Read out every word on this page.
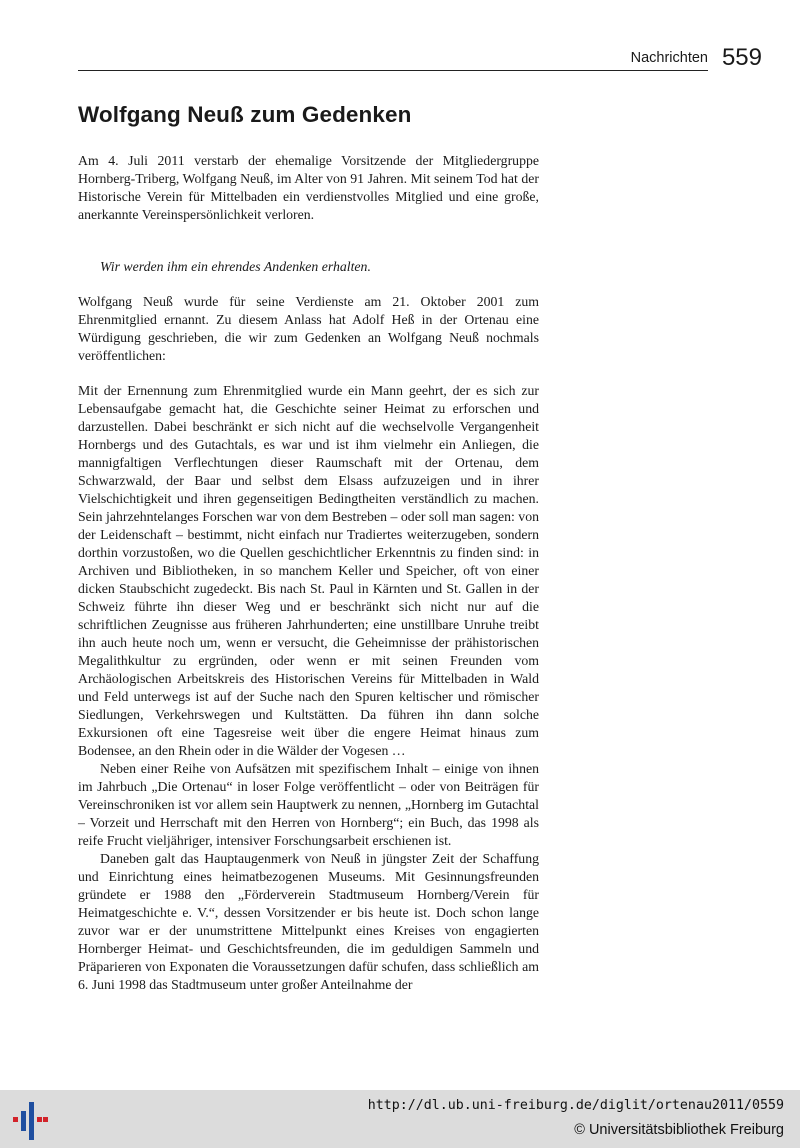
Nachrichten 559
Wolfgang Neuß zum Gedenken

Am 4. Juli 2011 verstarb der ehemalige Vorsitzende der Mitgliedergruppe Hornberg-Triberg, Wolfgang Neuß, im Alter von 91 Jahren. Mit seinem Tod hat der Historische Verein für Mittelbaden ein verdienstvolles Mitglied und eine große, anerkannte Vereinspersönlichkeit verloren.

Wir werden ihm ein ehrendes Andenken erhalten.

Wolfgang Neuß wurde für seine Verdienste am 21. Oktober 2001 zum Ehrenmitglied ernannt. Zu diesem Anlass hat Adolf Heß in der Ortenau eine Würdigung geschrieben, die wir zum Gedenken an Wolfgang Neuß nochmals veröffentlichen:

Mit der Ernennung zum Ehrenmitglied wurde ein Mann geehrt, der es sich zur Lebensaufgabe gemacht hat, die Geschichte seiner Heimat zu erforschen und darzustellen. Dabei beschränkt er sich nicht auf die wechselvolle Vergangenheit Hornbergs und des Gutachtals, es war und ist ihm vielmehr ein Anliegen, die mannigfaltigen Verflechtungen dieser Raumschaft mit der Ortenau, dem Schwarzwald, der Baar und selbst dem Elsass aufzuzeigen und in ihrer Vielschichtigkeit und ihren gegenseitigen Bedingtheiten verständlich zu machen. Sein jahrzehntelanges Forschen war von dem Bestreben – oder soll man sagen: von der Leidenschaft – bestimmt, nicht einfach nur Tradiertes weiterzugeben, sondern dorthin vorzustoßen, wo die Quellen geschichtlicher Erkenntnis zu finden sind: in Archiven und Bibliotheken, in so manchem Keller und Speicher, oft von einer dicken Staubschicht zugedeckt. Bis nach St. Paul in Kärnten und St. Gallen in der Schweiz führte ihn dieser Weg und er beschränkt sich nicht nur auf die schriftlichen Zeugnisse aus früheren Jahrhunderten; eine unstillbare Unruhe treibt ihn auch heute noch um, wenn er versucht, die Geheimnisse der prähistorischen Megalithkultur zu ergründen, oder wenn er mit seinen Freunden vom Archäologischen Arbeitskreis des Historischen Vereins für Mittelbaden in Wald und Feld unterwegs ist auf der Suche nach den Spuren keltischer und römischer Siedlungen, Verkehrswegen und Kultstätten. Da führen ihn dann solche Exkursionen oft eine Tagesreise weit über die engere Heimat hinaus zum Bodensee, an den Rhein oder in die Wälder der Vogesen …

Neben einer Reihe von Aufsätzen mit spezifischem Inhalt – einige von ihnen im Jahrbuch „Die Ortenau“ in loser Folge veröffentlicht – oder von Beiträgen für Vereinschroniken ist vor allem sein Hauptwerk zu nennen, „Hornberg im Gutachtal – Vorzeit und Herrschaft mit den Herren von Hornberg“; ein Buch, das 1998 als reife Frucht vieljähriger, intensiver Forschungsarbeit erschienen ist.

Daneben galt das Hauptaugenmerk von Neuß in jüngster Zeit der Schaffung und Einrichtung eines heimatbezogenen Museums. Mit Gesinnungsfreunden gründete er 1988 den „Förderverein Stadtmuseum Hornberg/Verein für Heimatgeschichte e. V.“, dessen Vorsitzender er bis heute ist. Doch schon lange zuvor war er der unumstrittene Mittelpunkt eines Kreises von engagierten Hornberger Heimat- und Geschichtsfreunden, die im geduldigen Sammeln und Präparieren von Exponaten die Voraussetzungen dafür schufen, dass schließlich am 6. Juni 1998 das Stadtmuseum unter großer Anteilnahme der

http://dl.ub.uni-freiburg.de/diglit/ortenau2011/0559
© Universitätsbibliothek Freiburg
